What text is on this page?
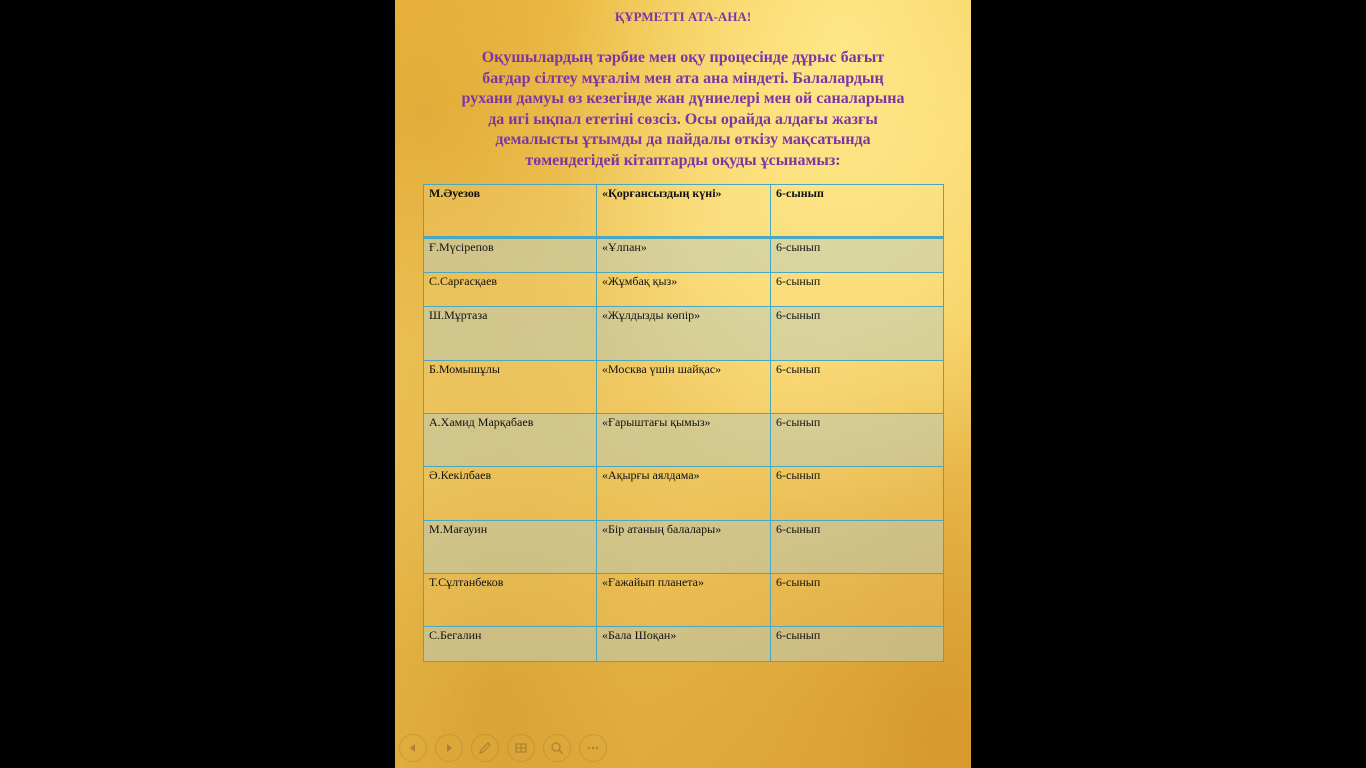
ҚҰРМЕТТІ АТА-АНА!

Оқушылардың тәрбие мен оқу процесінде дұрыс бағыт бағдар сілтеу мұғалім мен ата ана міндеті. Балалардың рухани дамуы өз кезегінде жан дүниелері мен ой саналарына да игі ықпал ететіні сөзсіз. Осы орайда алдағы жазғы демалысты ұтымды да пайдалы өткізу мақсатында төмендегідей кітаптарды оқуды ұсынамыз:

М.Әуезов	«Қорғансыздың күні»	6-сынып
Ғ.Мүсірепов	«Ұлпан»	6-сынып
С.Сарғасқаев	«Жұмбақ қыз»	6-сынып
Ш.Мұртаза	«Жұлдызды көпір»	6-сынып
Б.Момышұлы	«Москва үшін шайқас»	6-сынып
А.Хамид Марқабаев	«Ғарыштағы қымыз»	6-сынып
Ә.Кекілбаев	«Ақырғы аялдама»	6-сынып
М.Мағауин	«Бір атаның балалары»	6-сынып
Т.Сұлтанбеков	«Ғажайып планета»	6-сынып
С.Бегалин	«Бала Шоқан»	6-сынып
